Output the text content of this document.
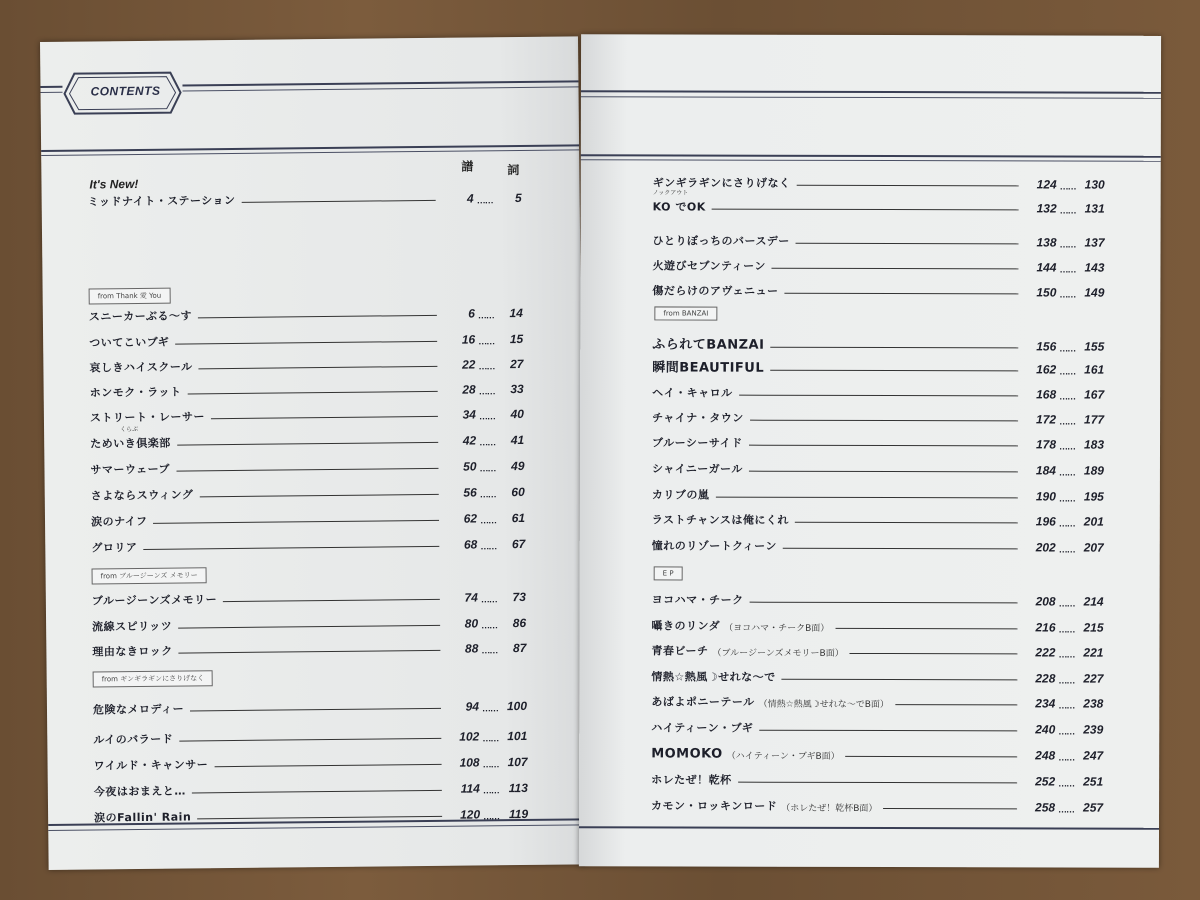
CONTENTS
譜	詞
It's New!
ミッドナイト・ステーション	4 ……	5
スニーカーぶる～す	6 ……	14
ついてこいブギ	16 ……	15
哀しきハイスクール	22 ……	27
ホンモク・ラット	28 ……	33
ストリート・レーサー	34 ……	40
くらぶ
ためいき倶楽部	42 ……	41
サマーウェーブ	50 ……	49
さよならスウィング	56 ……	60
涙のナイフ	62 ……	61
グロリア	68 ……	67
ブルージーンズメモリー	74 ……	73
流線スピリッツ	80 ……	86
理由なきロック	88 ……	87
危険なメロディー	94 …… 100
ルイのバラード	102 …… 101
ワイルド・キャンサー	108 …… 107
今夜はおまえと…	114 …… 113
涙のFallin' Rain	120 …… 119
from Thank 愛 You
from ブルージーンズ メモリー
from ギンギラギンにさりげなく
ギンギラギンにさりげなく	124 …… 130
ノックアウト
KO でOK	132 …… 131
ひとりぼっちのバースデー	138 …… 137
火遊びセブンティーン	144 …… 143
傷だらけのアヴェニュー	150 …… 149
ふられてBANZAI	156 …… 155
瞬間BEAUTIFUL	162 …… 161
ヘイ・キャロル	168 …… 167
チャイナ・タウン	172 …… 177
ブルーシーサイド	178 …… 183
シャイニーガール	184 …… 189
カリブの嵐	190 …… 195
ラストチャンスは俺にくれ	196 …… 201
憧れのリゾートクィーン	202 …… 207
ヨコハマ・チーク	208 …… 214
囁きのリンダ （ヨコハマ・チークB面）	216 …… 215
青春ビーチ （ブルージーンズメモリーB面）	222 …… 221
情熱☆熱風☽せれな～で	228 …… 227
あばよポニーテール （情熱☆熱風☽せれな～でB面）	234 …… 238
ハイティーン・ブギ	240 …… 239
MOMOKO （ハイティーン・ブギB面）	248 …… 247
ホレたぜ！乾杯	252 …… 251
カモン・ロッキンロード （ホレたぜ！乾杯B面）	258 …… 257
from BANZAI
E P
